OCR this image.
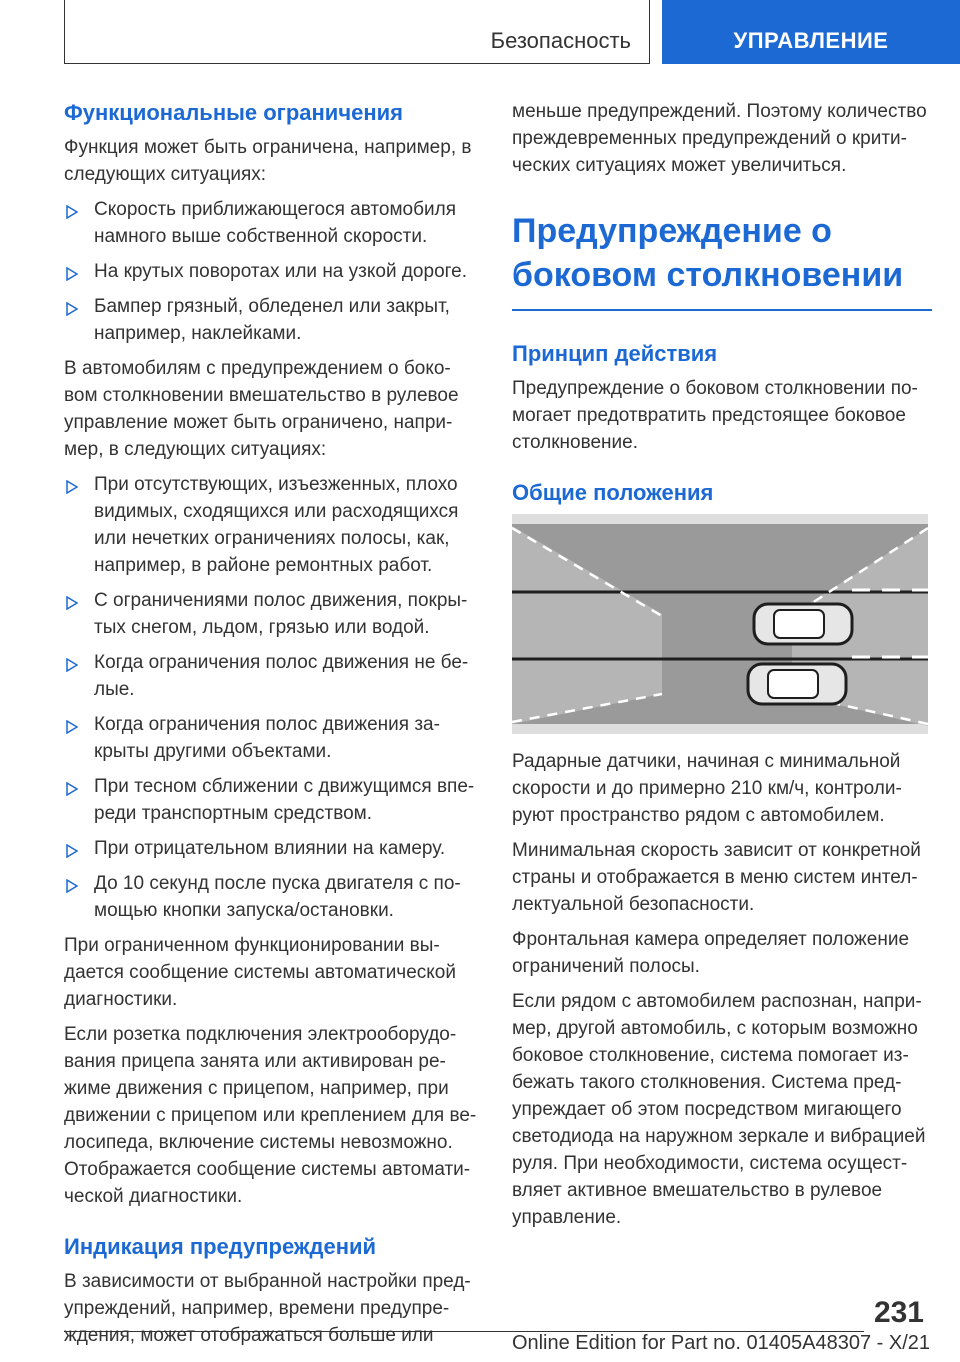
Безопасность	УПРАВЛЕНИЕ
Функциональные ограничения

Функция может быть ограничена, например, в следующих ситуациях:

Скорость приближающегося автомобиля намного выше собственной скорости.
На крутых поворотах или на узкой дороге.
Бампер грязный, обледенел или закрыт, например, наклейками.

В автомобилям с предупреждением о боко-вом столкновении вмешательство в рулевое управление может быть ограничено, напри-мер, в следующих ситуациях:

При отсутствующих, изъезженных, плохо видимых, сходящихся или расходящихся или нечетких ограничениях полосы, как, например, в районе ремонтных работ.
С ограничениями полос движения, покры-тых снегом, льдом, грязью или водой.
Когда ограничения полос движения не бе-лые.
Когда ограничения полос движения за-крыты другими объектами.
При тесном сближении с движущимся впе-реди транспортным средством.
При отрицательном влиянии на камеру.
До 10 секунд после пуска двигателя с по-мощью кнопки запуска/остановки.

При ограниченном функционировании вы-дается сообщение системы автоматической диагностики.

Если розетка подключения электрооборудо-вания прицепа занята или активирован ре-жиме движения с прицепом, например, при движении с прицепом или креплением для ве-лосипеда, включение системы невозможно. Отображается сообщение системы автомати-ческой диагностики.

Индикация предупреждений

В зависимости от выбранной настройки пред-упреждений, например, времени предупре-ждения, может отображаться больше или

меньше предупреждений. Поэтому количество преждевременных предупреждений о крити-ческих ситуациях может увеличиться.

Предупреждение о
боковом столкновении
Принцип действия

Предупреждение о боковом столкновении по-могает предотвратить предстоящее боковое столкновение.

Общие положения

Радарные датчики, начиная с минимальной скорости и до примерно 210 км/ч, контроли-руют пространство рядом с автомобилем.

Минимальная скорость зависит от конкретной страны и отображается в меню систем интел-лектуальной безопасности.

Фронтальная камера определяет положение ограничений полосы.

Если рядом с автомобилем распознан, напри-мер, другой автомобиль, с которым возможно боковое столкновение, система помогает из-бежать такого столкновения. Система пред-упреждает об этом посредством мигающего светодиода на наружном зеркале и вибрацией руля. При необходимости, система осущест-вляет активное вмешательство в рулевое управление.

231
Online Edition for Part no. 01405A48307 - X/21
